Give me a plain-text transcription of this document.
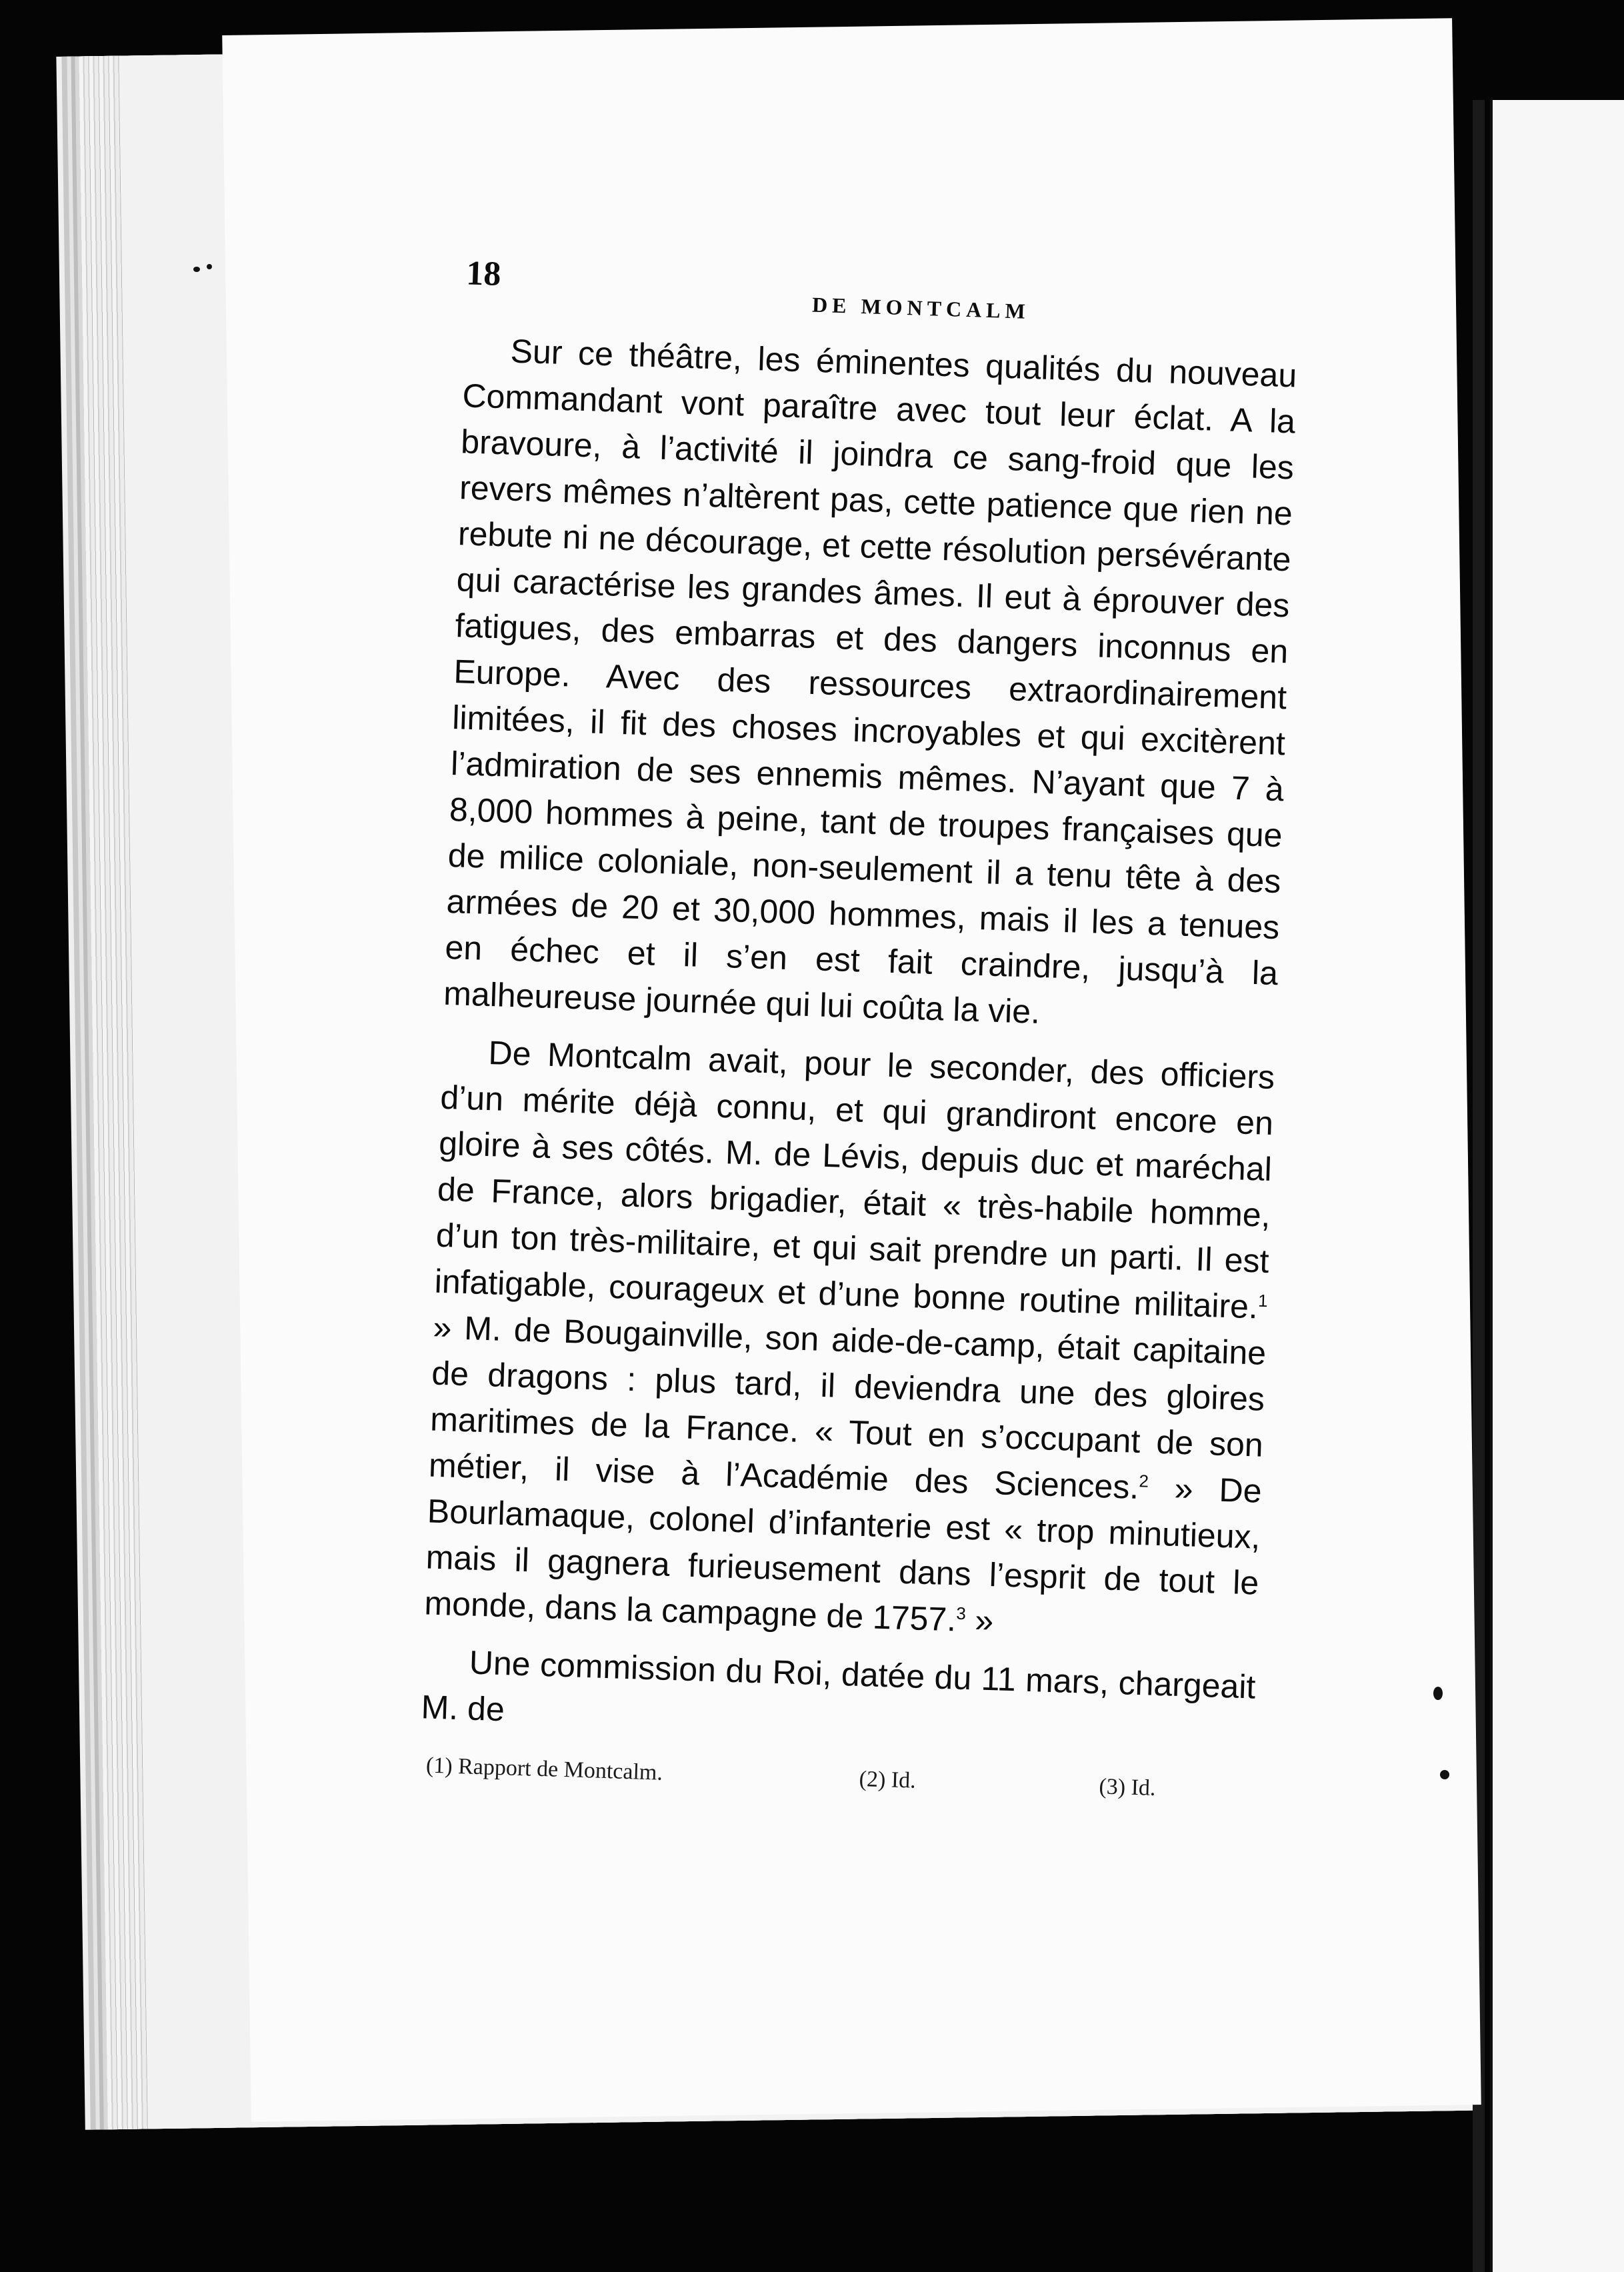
18
DE MONTCALM

Sur ce théâtre, les éminentes qualités du nouveau Commandant vont paraître avec tout leur éclat. A la bravoure, à l’activité il joindra ce sang-froid que les revers mêmes n’altèrent pas, cette patience que rien ne rebute ni ne décourage, et cette résolution persévérante qui caractérise les grandes âmes. Il eut à éprouver des fatigues, des embarras et des dangers inconnus en Europe. Avec des ressources extraordinairement limitées, il fit des choses incroyables et qui excitèrent l’admiration de ses ennemis mêmes. N’ayant que 7 à 8,000 hommes à peine, tant de troupes françaises que de milice coloniale, non-seulement il a tenu tête à des armées de 20 et 30,000 hommes, mais il les a tenues en échec et il s’en est fait craindre, jusqu’à la malheureuse journée qui lui coûta la vie.

De Montcalm avait, pour le seconder, des officiers d’un mérite déjà connu, et qui grandiront encore en gloire à ses côtés. M. de Lévis, depuis duc et maréchal de France, alors brigadier, était « très-habile homme, d’un ton très-militaire, et qui sait prendre un parti. Il est infatigable, courageux et d’une bonne routine militaire.$^1$ » M. de Bougainville, son aide-de-camp, était capitaine de dragons : plus tard, il deviendra une des gloires maritimes de la France. « Tout en s’occupant de son métier, il vise à l’Académie des Sciences.$^2$ » De Bourlamaque, colonel d’infanterie est « trop minutieux, mais il gagnera furieusement dans l’esprit de tout le monde, dans la campagne de 1757.$^3$ »

Une commission du Roi, datée du 11 mars, chargeait M. de

(1) Rapport de Montcalm.	(2) Id.	(3) Id.
